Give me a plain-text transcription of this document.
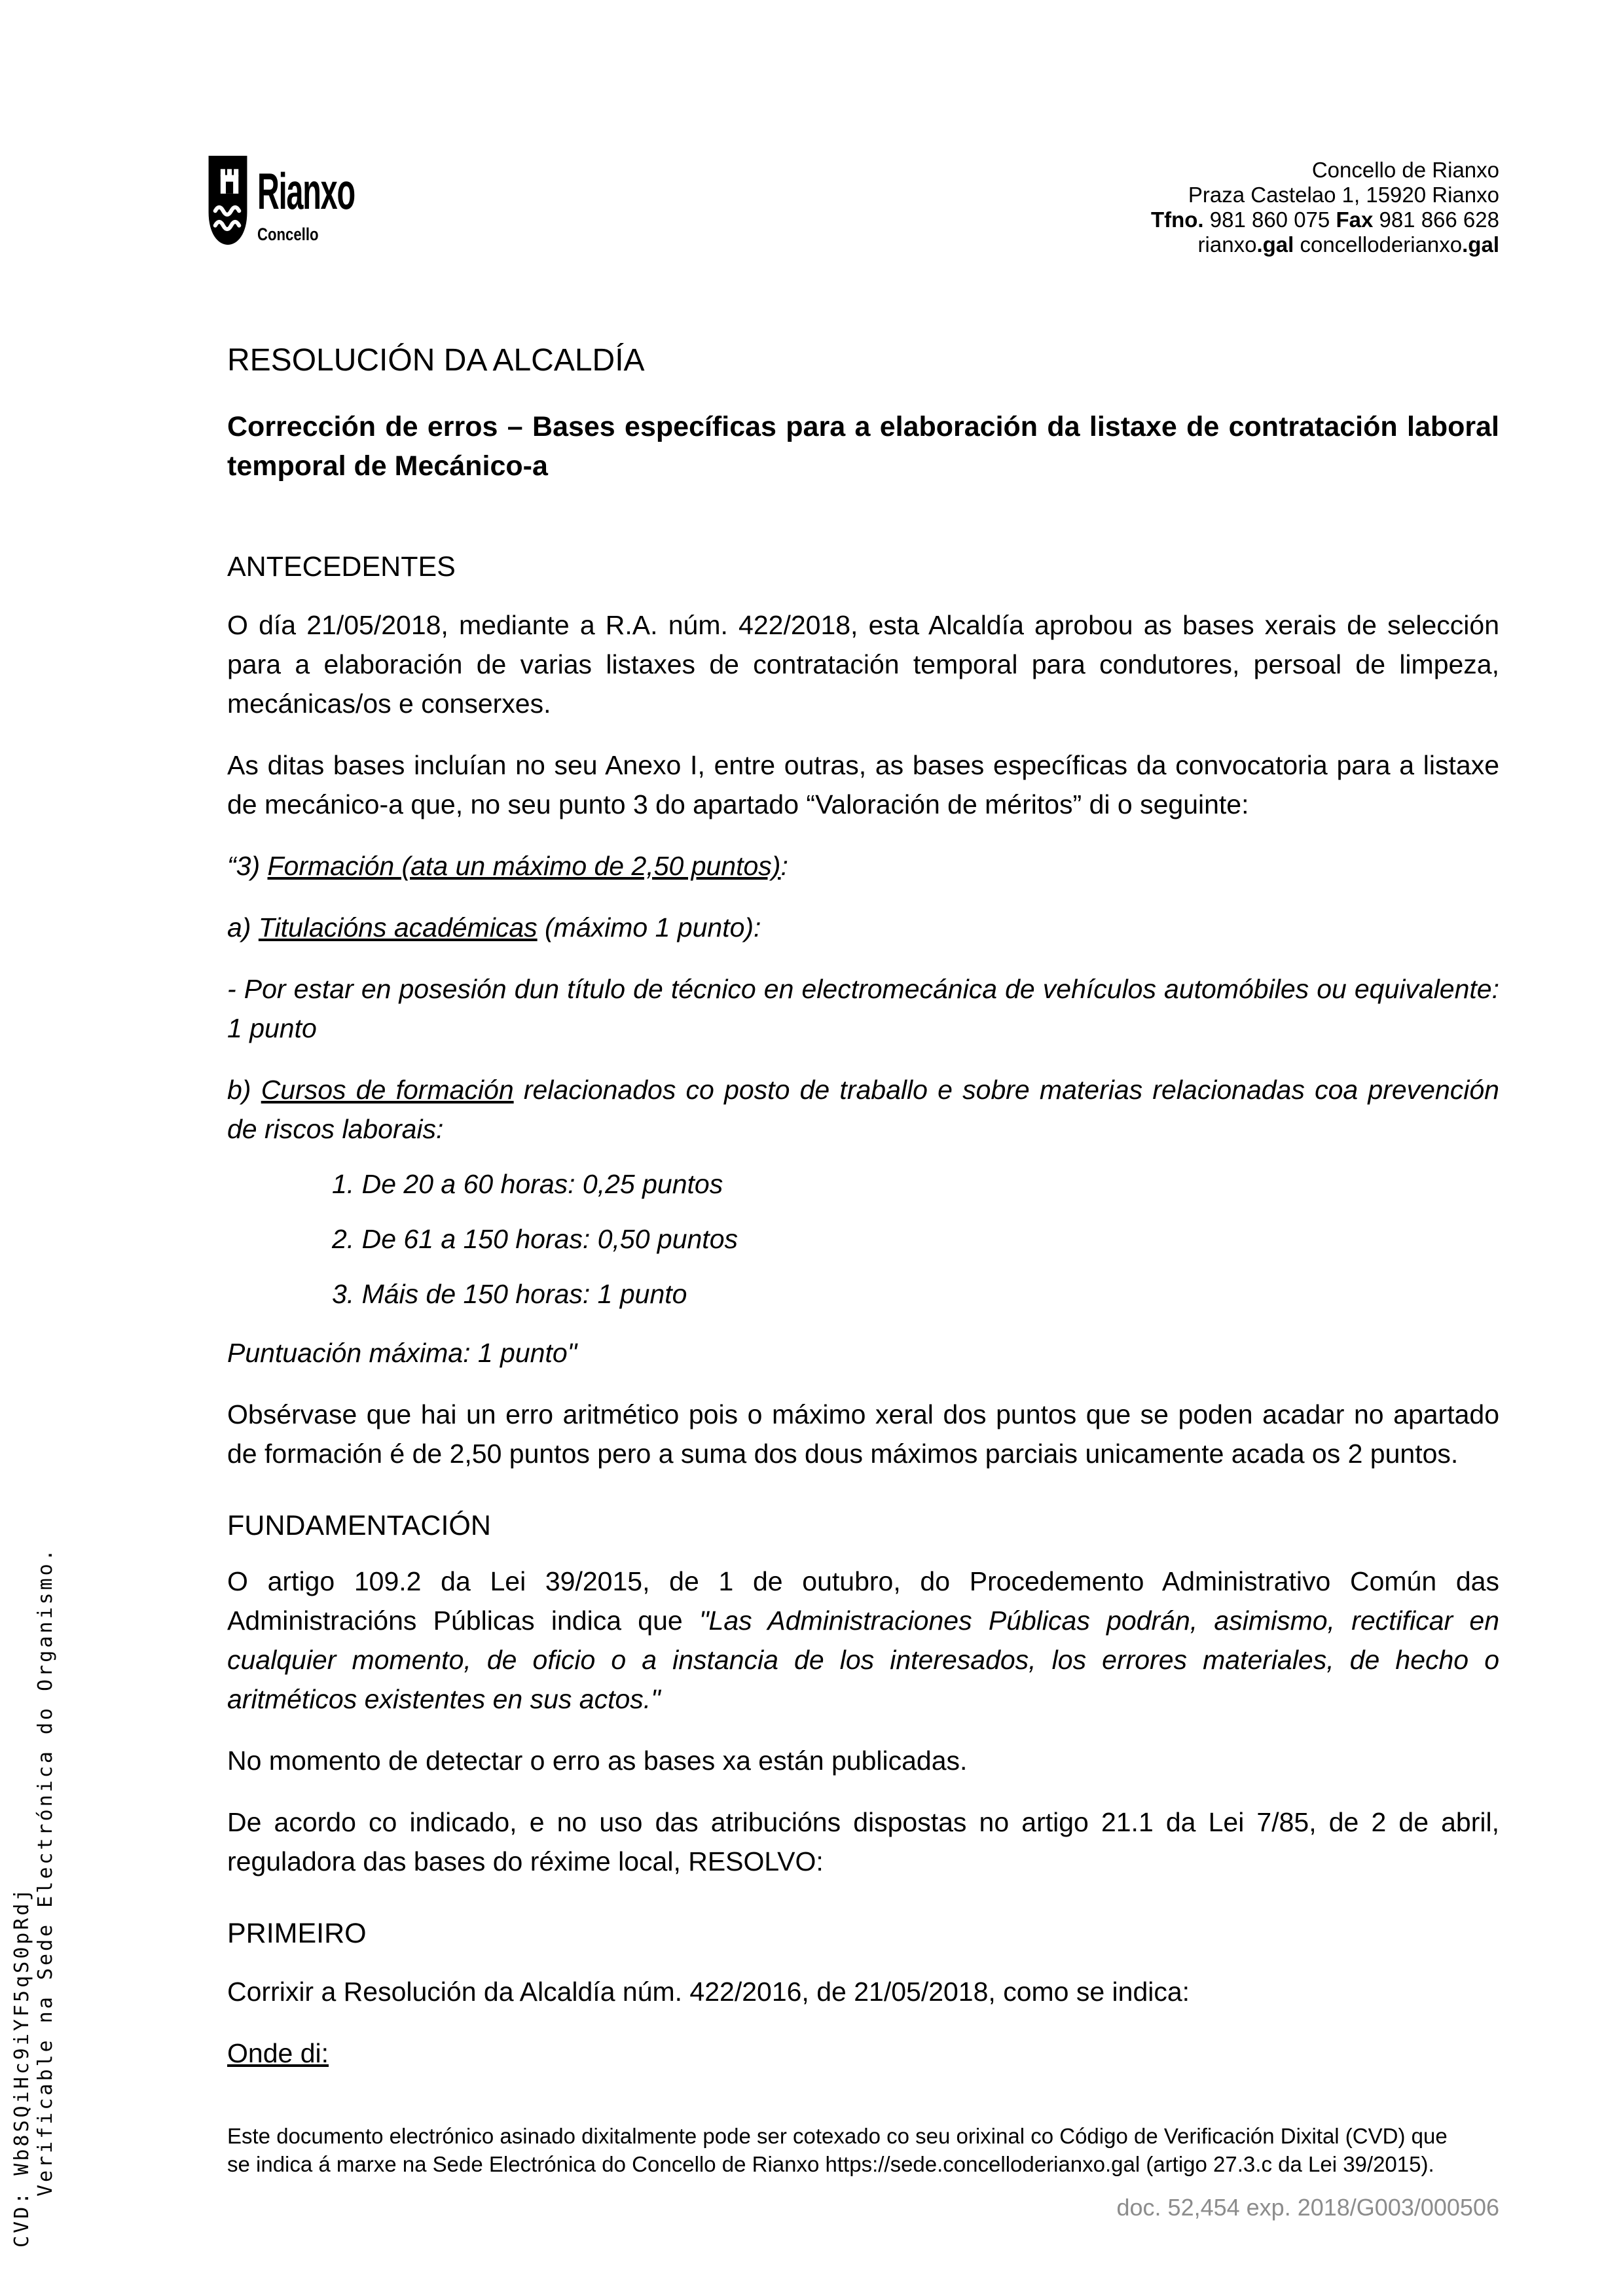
CVD: Wb8SQiHc9iYF5qS0pRdj Verificable na Sede Electrónica do Organismo.
Rianxo
Concello
Concello de Rianxo
Praza Castelao 1, 15920 Rianxo
Tfno. 981 860 075 Fax 981 866 628
rianxo.gal concelloderianxo.gal
RESOLUCIÓN DA ALCALDÍA
Corrección de erros – Bases específicas para a elaboración da listaxe de contratación laboral temporal de Mecánico-a
ANTECEDENTES
O día 21/05/2018, mediante a R.A. núm. 422/2018, esta Alcaldía aprobou as bases xerais de selección para a elaboración de varias listaxes de contratación temporal para condutores, persoal de limpeza, mecánicas/os e conserxes.
As ditas bases incluían no seu Anexo I, entre outras, as bases específicas da convocatoria para a listaxe de mecánico-a que, no seu punto 3 do apartado “Valoración de méritos” di o seguinte:
“3) Formación (ata un máximo de 2,50 puntos):
a) Titulacións académicas (máximo 1 punto):
- Por estar en posesión dun título de técnico en electromecánica de vehículos automóbiles ou equivalente: 1 punto
b) Cursos de formación relacionados co posto de traballo e sobre materias relacionadas coa prevención de riscos laborais:
1. De 20 a 60 horas: 0,25 puntos
2. De 61 a 150 horas: 0,50 puntos
3. Máis de 150 horas: 1 punto
Puntuación máxima: 1 punto"
Obsérvase que hai un erro aritmético pois o máximo xeral dos puntos que se poden acadar no apartado de formación é de 2,50 puntos pero a suma dos dous máximos parciais unicamente acada os 2 puntos.
FUNDAMENTACIÓN
O artigo 109.2 da Lei 39/2015, de 1 de outubro, do Procedemento Administrativo Común das Administracións Públicas indica que "Las Administraciones Públicas podrán, asimismo, rectificar en cualquier momento, de oficio o a instancia de los interesados, los errores materiales, de hecho o aritméticos existentes en sus actos."
No momento de detectar o erro as bases xa están publicadas.
De acordo co indicado, e no uso das atribucións dispostas no artigo 21.1 da Lei 7/85, de 2 de abril, reguladora das bases do réxime local, RESOLVO:
PRIMEIRO
Corrixir a Resolución da Alcaldía núm. 422/2016, de 21/05/2018, como se indica:
Onde di:
Este documento electrónico asinado dixitalmente pode ser cotexado co seu orixinal co Código de Verificación Dixital (CVD) que se indica á marxe na Sede Electrónica do Concello de Rianxo https://sede.concelloderianxo.gal (artigo 27.3.c da Lei 39/2015).
doc. 52,454 exp. 2018/G003/000506
